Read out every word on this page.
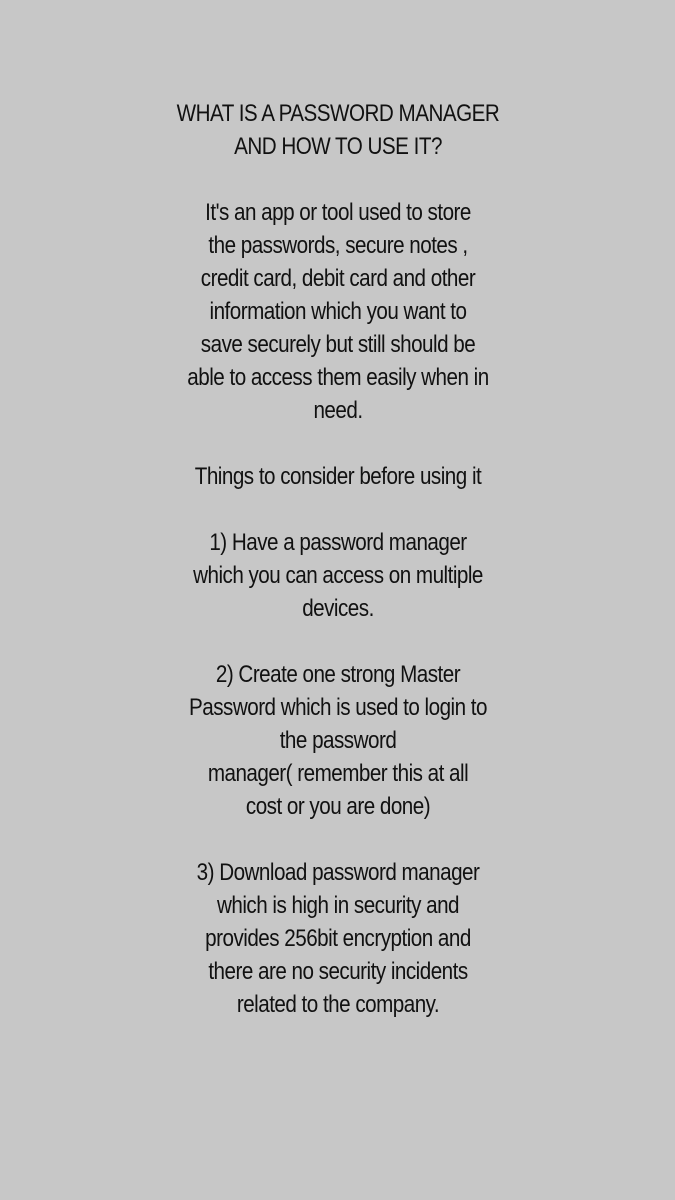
WHAT IS A PASSWORD MANAGER
AND HOW TO USE IT?
It's an app or tool used to store
the passwords, secure notes ,
credit card, debit card and other
information which you want to
save securely but still should be
able to access them easily when in
need.
Things to consider before using it
1) Have a password manager
which you can access on multiple
devices.
2) Create one strong Master
Password which is used to login to
the password
manager( remember this at all
cost or you are done)
3) Download password manager
which is high in security and
provides 256bit encryption and
there are no security incidents
related to the company.
